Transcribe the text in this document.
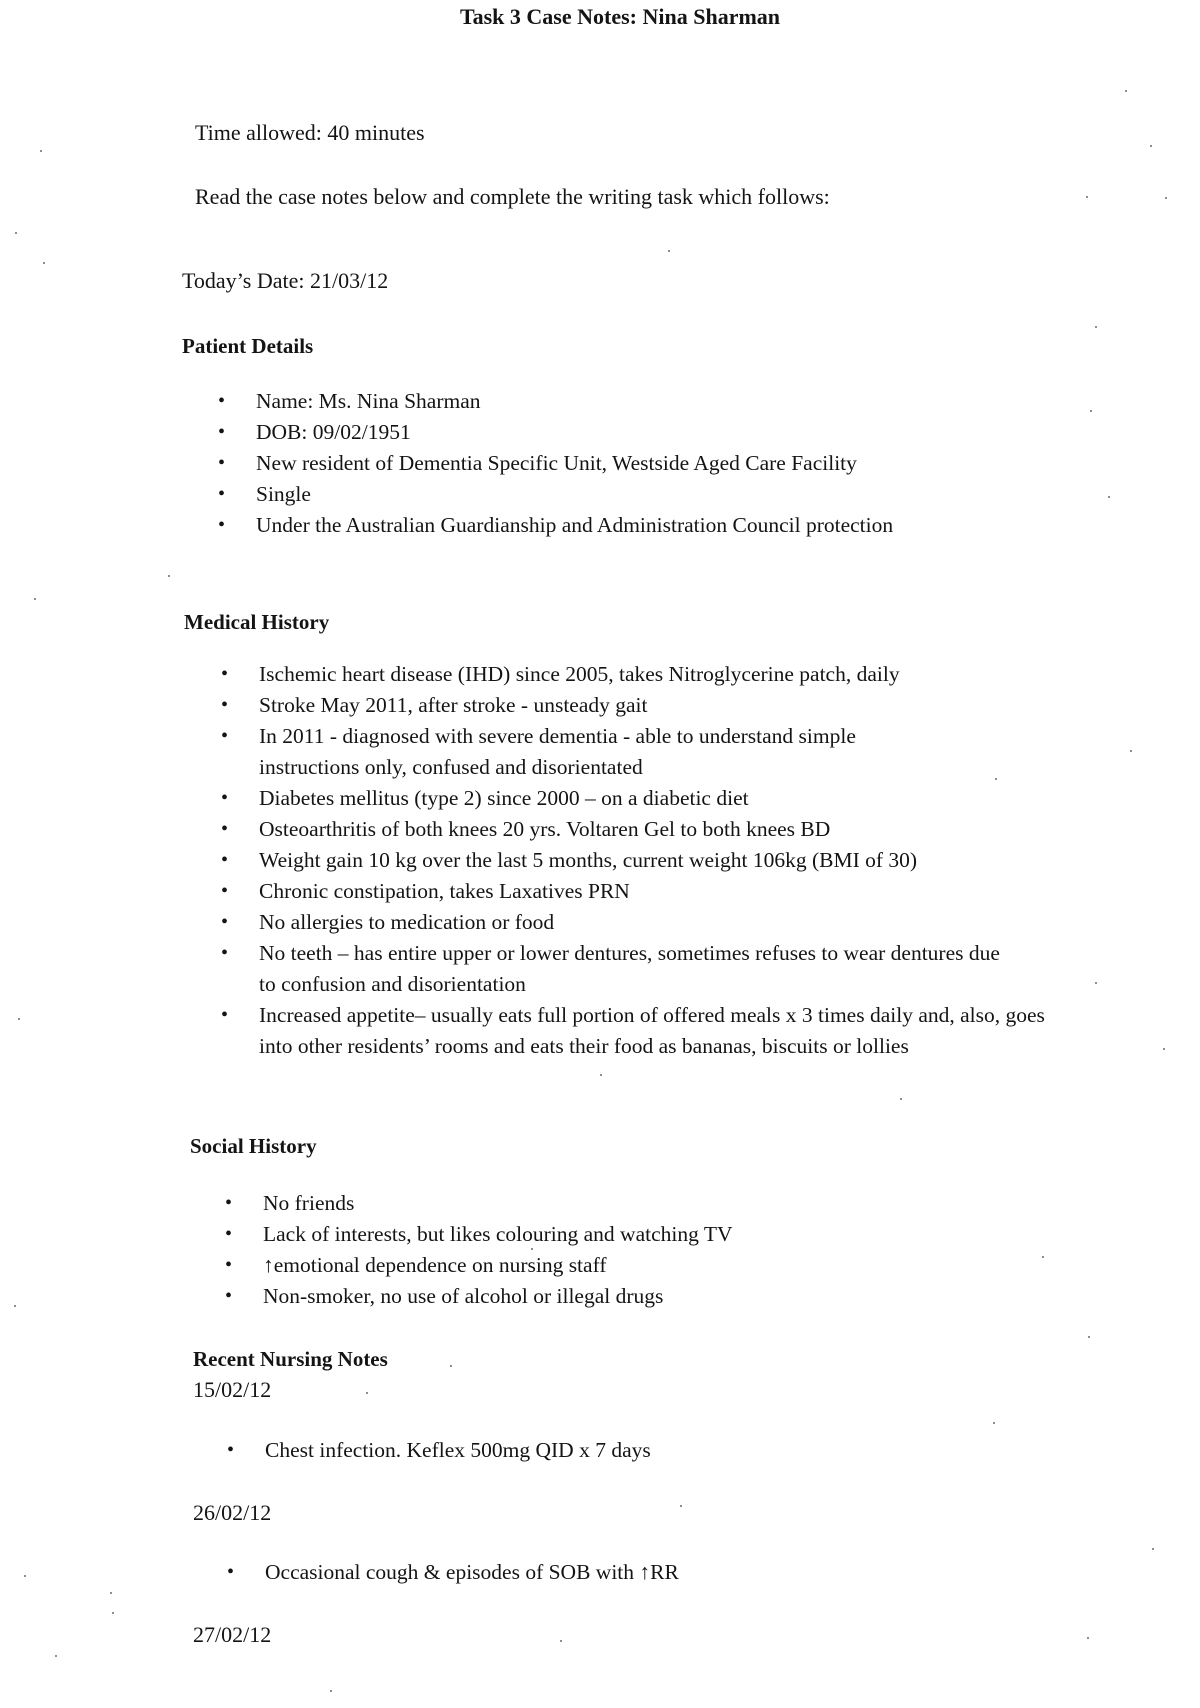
Task 3 Case Notes: Nina Sharman
Time allowed: 40 minutes
Read the case notes below and complete the writing task which follows:
Today’s Date: 21/03/12
Patient Details
• Name: Ms. Nina Sharman
• DOB: 09/02/1951
• New resident of Dementia Specific Unit, Westside Aged Care Facility
• Single
• Under the Australian Guardianship and Administration Council protection
Medical History
• Ischemic heart disease (IHD) since 2005, takes Nitroglycerine patch, daily
• Stroke May 2011, after stroke - unsteady gait
• In 2011 - diagnosed with severe dementia - able to understand simple instructions only, confused and disorientated
• Diabetes mellitus (type 2) since 2000 – on a diabetic diet
• Osteoarthritis of both knees 20 yrs. Voltaren Gel to both knees BD
• Weight gain 10 kg over the last 5 months, current weight 106kg (BMI of 30)
• Chronic constipation, takes Laxatives PRN
• No allergies to medication or food
• No teeth – has entire upper or lower dentures, sometimes refuses to wear dentures due to confusion and disorientation
• Increased appetite– usually eats full portion of offered meals x 3 times daily and, also, goes into other residents’ rooms and eats their food as bananas, biscuits or lollies
Social History
• No friends
• Lack of interests, but likes colouring and watching TV
• ↑emotional dependence on nursing staff
• Non-smoker, no use of alcohol or illegal drugs
Recent Nursing Notes
15/02/12
• Chest infection. Keflex 500mg QID x 7 days
26/02/12
• Occasional cough & episodes of SOB with ↑RR
27/02/12
